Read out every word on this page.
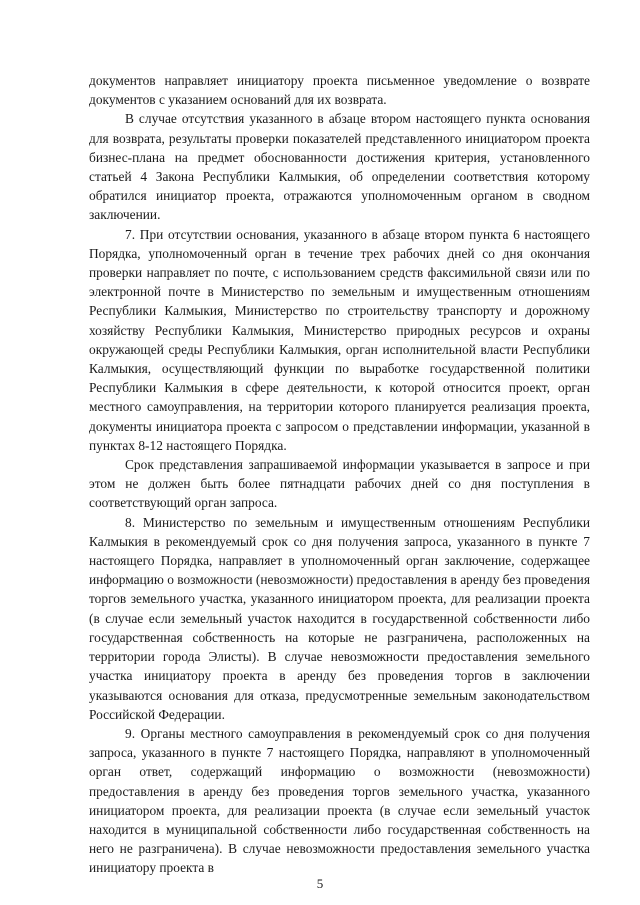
документов направляет инициатору проекта письменное уведомление о возврате документов с указанием оснований для их возврата.

В случае отсутствия указанного в абзаце втором настоящего пункта основания для возврата, результаты проверки показателей представленного инициатором проекта бизнес-плана на предмет обоснованности достижения критерия, установленного статьей 4 Закона Республики Калмыкия, об определении соответствия которому обратился инициатор проекта, отражаются уполномоченным органом в сводном заключении.

7. При отсутствии основания, указанного в абзаце втором пункта 6 настоящего Порядка, уполномоченный орган в течение трех рабочих дней со дня окончания проверки направляет по почте, с использованием средств факсимильной связи или по электронной почте в Министерство по земельным и имущественным отношениям Республики Калмыкия, Министерство по строительству транспорту и дорожному хозяйству Республики Калмыкия, Министерство природных ресурсов и охраны окружающей среды Республики Калмыкия, орган исполнительной власти Республики Калмыкия, осуществляющий функции по выработке государственной политики Республики Калмыкия в сфере деятельности, к которой относится проект, орган местного самоуправления, на территории которого планируется реализация проекта, документы инициатора проекта с запросом о представлении информации, указанной в пунктах 8-12 настоящего Порядка.

Срок представления запрашиваемой информации указывается в запросе и при этом не должен быть более пятнадцати рабочих дней со дня поступления в соответствующий орган запроса.

8. Министерство по земельным и имущественным отношениям Республики Калмыкия в рекомендуемый срок со дня получения запроса, указанного в пункте 7 настоящего Порядка, направляет в уполномоченный орган заключение, содержащее информацию о возможности (невозможности) предоставления в аренду без проведения торгов земельного участка, указанного инициатором проекта, для реализации проекта (в случае если земельный участок находится в государственной собственности либо государственная собственность на которые не разграничена, расположенных на территории города Элисты). В случае невозможности предоставления земельного участка инициатору проекта в аренду без проведения торгов в заключении указываются основания для отказа, предусмотренные земельным законодательством Российской Федерации.

9. Органы местного самоуправления в рекомендуемый срок со дня получения запроса, указанного в пункте 7 настоящего Порядка, направляют в уполномоченный орган ответ, содержащий информацию о возможности (невозможности) предоставления в аренду без проведения торгов земельного участка, указанного инициатором проекта, для реализации проекта (в случае если земельный участок находится в муниципальной собственности либо государственная собственность на него не разграничена). В случае невозможности предоставления земельного участка инициатору проекта в

5
